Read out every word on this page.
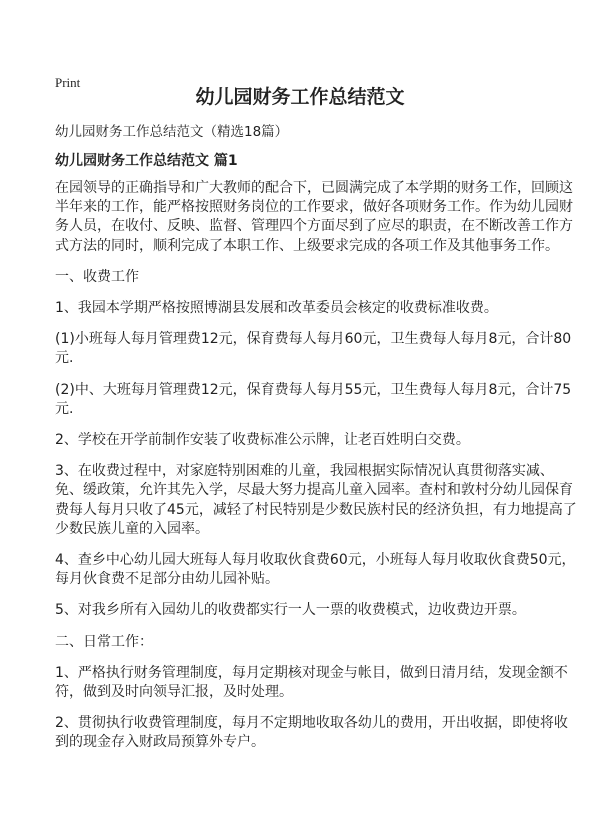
Print
幼儿园财务工作总结范文
幼儿园财务工作总结范文（精选18篇）
幼儿园财务工作总结范文 篇1

在园领导的正确指导和广大教师的配合下，已圆满完成了本学期的财务工作，回顾这半年来的工作，能严格按照财务岗位的工作要求，做好各项财务工作。作为幼儿园财务人员，在收付、反映、监督、管理四个方面尽到了应尽的职责，在不断改善工作方式方法的同时，顺利完成了本职工作、上级要求完成的各项工作及其他事务工作。

一、收费工作

1、我园本学期严格按照博湖县发展和改革委员会核定的收费标准收费。

(1)小班每人每月管理费12元，保育费每人每月60元，卫生费每人每月8元，合计80元.

(2)中、大班每月管理费12元，保育费每人每月55元，卫生费每人每月8元，合计75元.

2、学校在开学前制作安装了收费标准公示牌，让老百姓明白交费。

3、在收费过程中，对家庭特别困难的儿童，我园根据实际情况认真贯彻落实减、免、缓政策，允许其先入学，尽最大努力提高儿童入园率。查村和敦村分幼儿园保育费每人每月只收了45元，减轻了村民特别是少数民族村民的经济负担，有力地提高了少数民族儿童的入园率。

4、查乡中心幼儿园大班每人每月收取伙食费60元，小班每人每月收取伙食费50元，每月伙食费不足部分由幼儿园补贴。

5、对我乡所有入园幼儿的收费都实行一人一票的收费模式，边收费边开票。

二、日常工作：

1、严格执行财务管理制度，每月定期核对现金与帐目，做到日清月结，发现金额不符，做到及时向领导汇报，及时处理。

2、贯彻执行收费管理制度，每月不定期地收取各幼儿的费用，开出收据，即使将收到的现金存入财政局预算外专户。
